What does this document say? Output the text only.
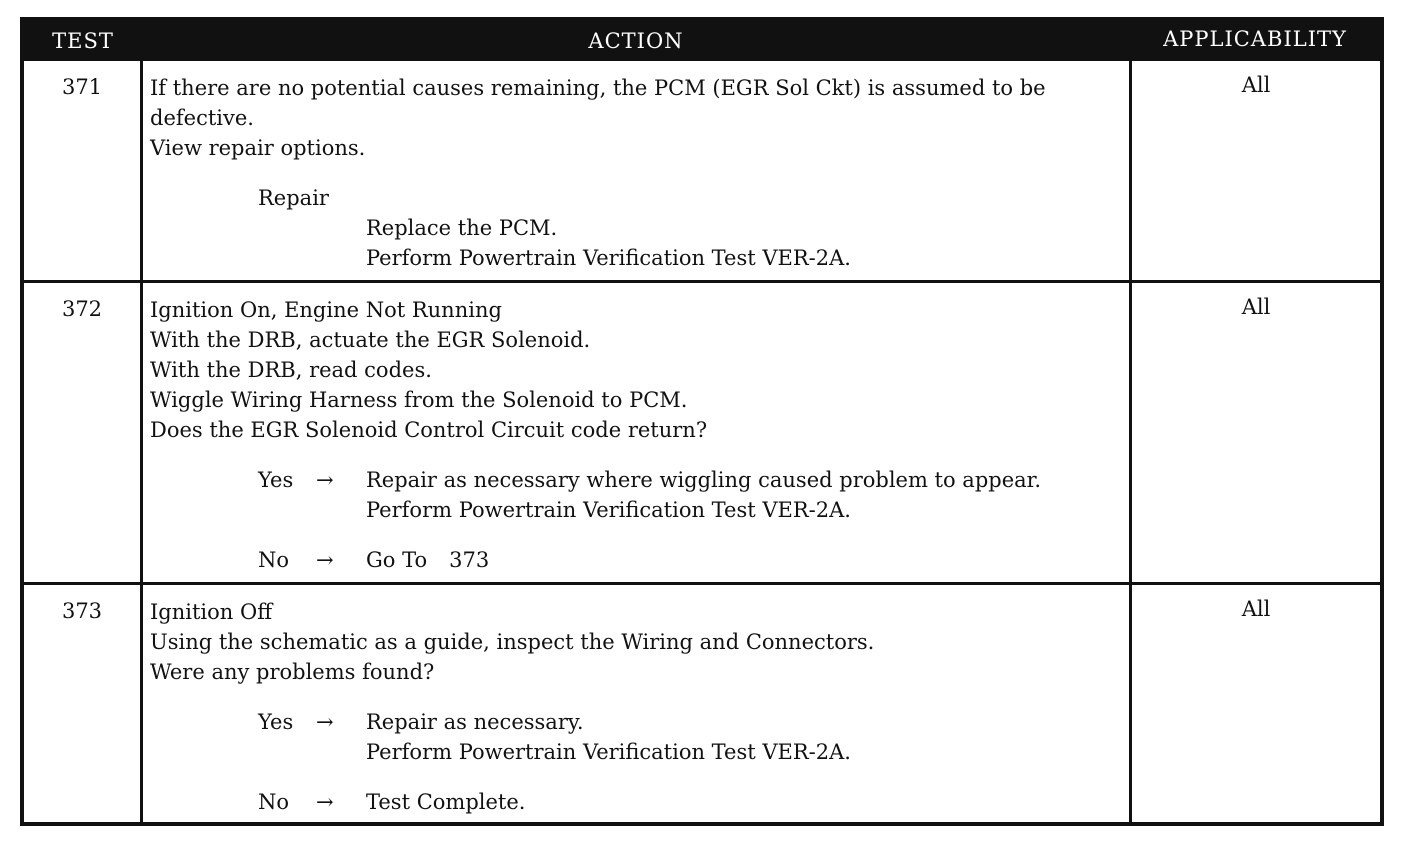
TEST	ACTION	APPLICABILITY
371	If there are no potential causes remaining, the PCM (EGR Sol Ckt) is assumed to be
defective.
View repair options.
Repair
Replace the PCM.
Perform Powertrain Verification Test VER-2A.
All
372	Ignition On, Engine Not Running
With the DRB, actuate the EGR Solenoid.
With the DRB, read codes.
Wiggle Wiring Harness from the Solenoid to PCM.
Does the EGR Solenoid Control Circuit code return?
Yes	→	Repair as necessary where wiggling caused problem to appear.
Perform Powertrain Verification Test VER-2A.
No	→	Go To 373
All
373	Ignition Off
Using the schematic as a guide, inspect the Wiring and Connectors.
Were any problems found?
Yes	→	Repair as necessary.
Perform Powertrain Verification Test VER-2A.
No	→	Test Complete.
All
